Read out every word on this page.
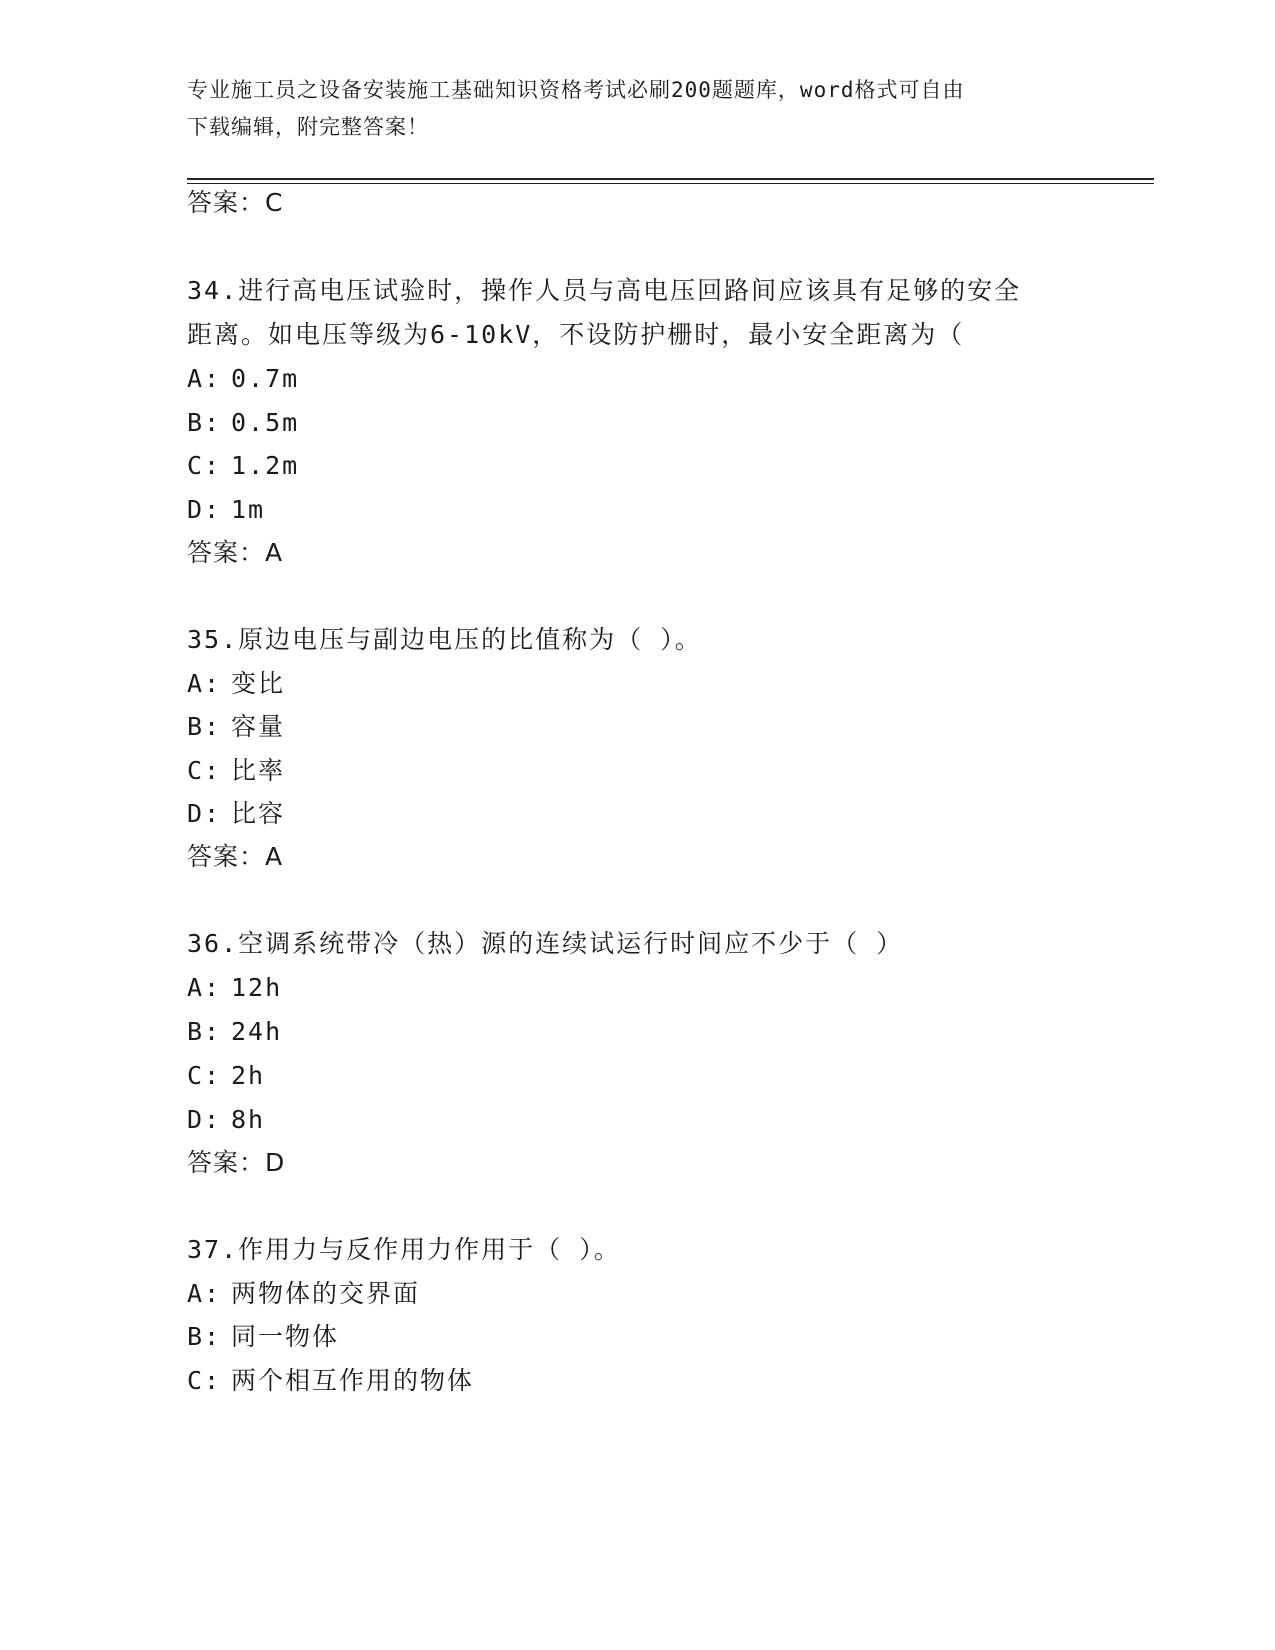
专业施工员之设备安装施工基础知识资格考试必刷200题题库，word格式可自由
下载编辑，附完整答案！
答案：C
34.进行高电压试验时，操作人员与高电压回路间应该具有足够的安全
距离。如电压等级为6-10kV，不设防护栅时，最小安全距离为（
A: 0.7m
B: 0.5m
C: 1.2m
D: 1m
答案：A
35.原边电压与副边电压的比值称为（ ）。
A: 变比
B: 容量
C: 比率
D: 比容
答案：A
36.空调系统带冷（热）源的连续试运行时间应不少于（ ）
A: 12h
B: 24h
C: 2h
D: 8h
答案：D
37.作用力与反作用力作用于（ ）。
A: 两物体的交界面
B: 同一物体
C: 两个相互作用的物体
